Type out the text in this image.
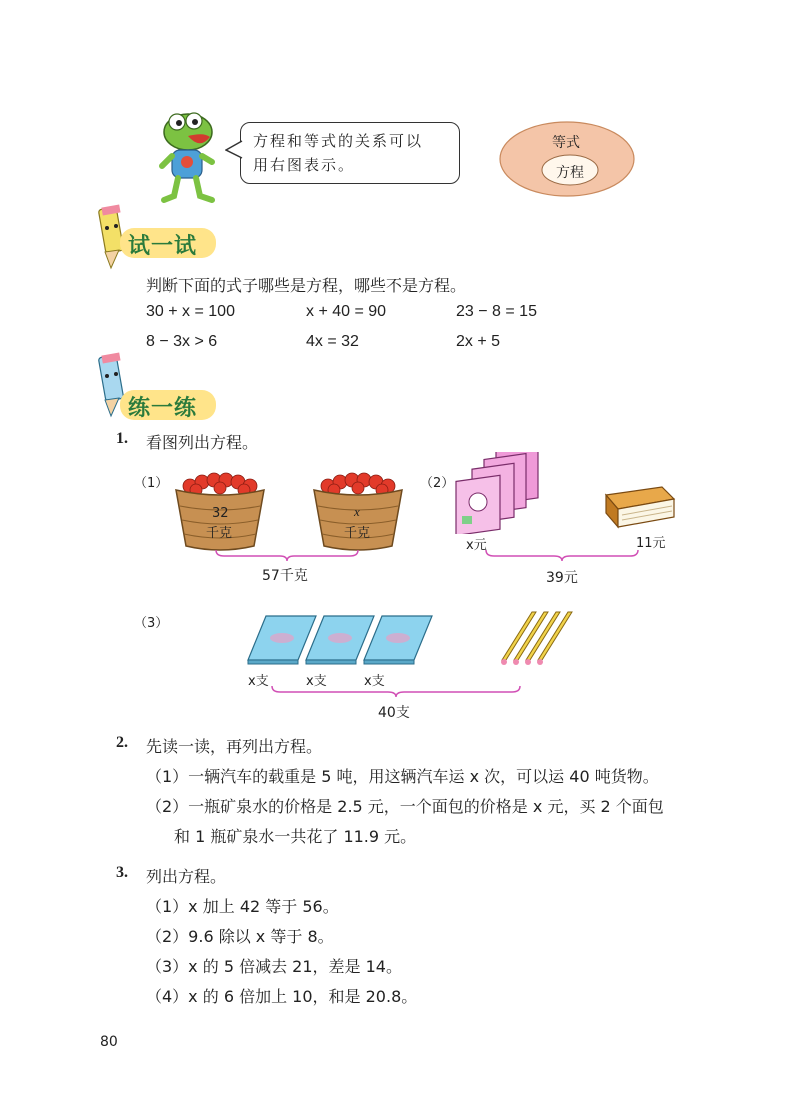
方程和等式的关系可以
用右图表示。
等式
方程
试一试
判断下面的式子哪些是方程，哪些不是方程。
30 + x = 100	x + 40 = 90	23 − 8 = 15
8 − 3x > 6	4x = 32	2x + 5
练一练
1. 看图列出方程。
（1）
32
千克
x
千克
57千克
（2）
x元	11元
39元
（3）
x支	x支	x支
40支
2. 先读一读，再列出方程。
（1）一辆汽车的载重是 5 吨，用这辆汽车运 x 次，可以运 40 吨货物。
（2）一瓶矿泉水的价格是 2.5 元，一个面包的价格是 x 元，买 2 个面包
和 1 瓶矿泉水一共花了 11.9 元。
3. 列出方程。
（1）x 加上 42 等于 56。
（2）9.6 除以 x 等于 8。
（3）x 的 5 倍减去 21，差是 14。
（4）x 的 6 倍加上 10，和是 20.8。
80
